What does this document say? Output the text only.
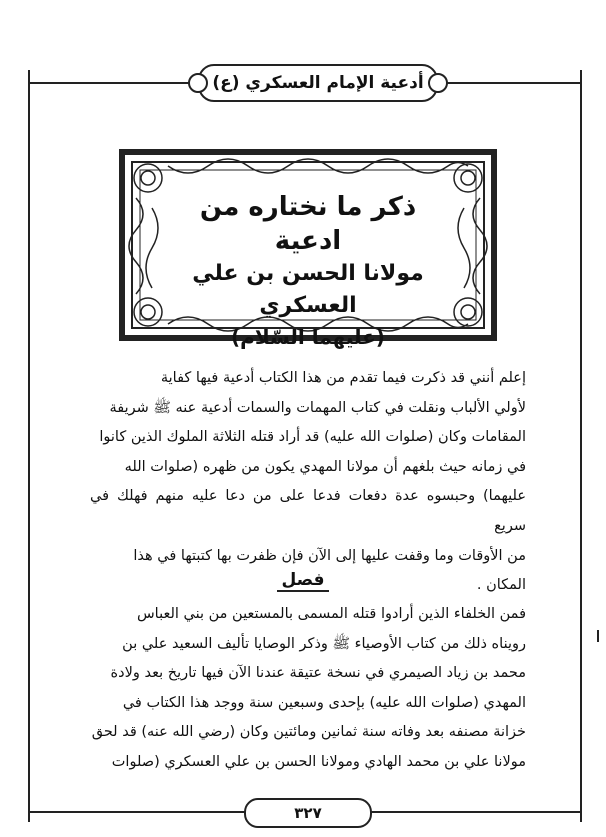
أدعية الإمام العسكري (ع)
ذكر ما نختاره من ادعية
مولانا الحسن بن علي العسكري
(عليهما السّلام)
إعلم أنني قد ذكرت فيما تقدم من هذا الكتاب أدعية فيها كفاية
لأولي الألباب ونقلت في كتاب المهمات والسمات أدعية عنه ﷺ شريفة
المقامات وكان (صلوات الله عليه) قد أراد قتله الثلاثة الملوك الذين كانوا
في زمانه حيث بلغهم أن مولانا المهدي يكون من ظهره (صلوات الله
عليهما) وحبسوه عدة دفعات فدعا على من دعا عليه منهم فهلك في سريع
من الأوقات وما وقفت عليها إلى الآن فإن ظفرت بها كتبتها في هذا
المكان .
فصل
فمن الخلفاء الذين أرادوا قتله المسمى بالمستعين من بني العباس
رويناه ذلك من كتاب الأوصياء ﷺ وذكر الوصايا تأليف السعيد علي بن
محمد بن زياد الصيمري في نسخة عتيقة عندنا الآن فيها تاريخ بعد ولادة
المهدي (صلوات الله عليه) بإحدى وسبعين سنة ووجد هذا الكتاب في
خزانة مصنفه بعد وفاته سنة ثمانين ومائتين وكان (رضي الله عنه) قد لحق
مولانا علي بن محمد الهادي ومولانا الحسن بن علي العسكري (صلوات
٣٢٧
